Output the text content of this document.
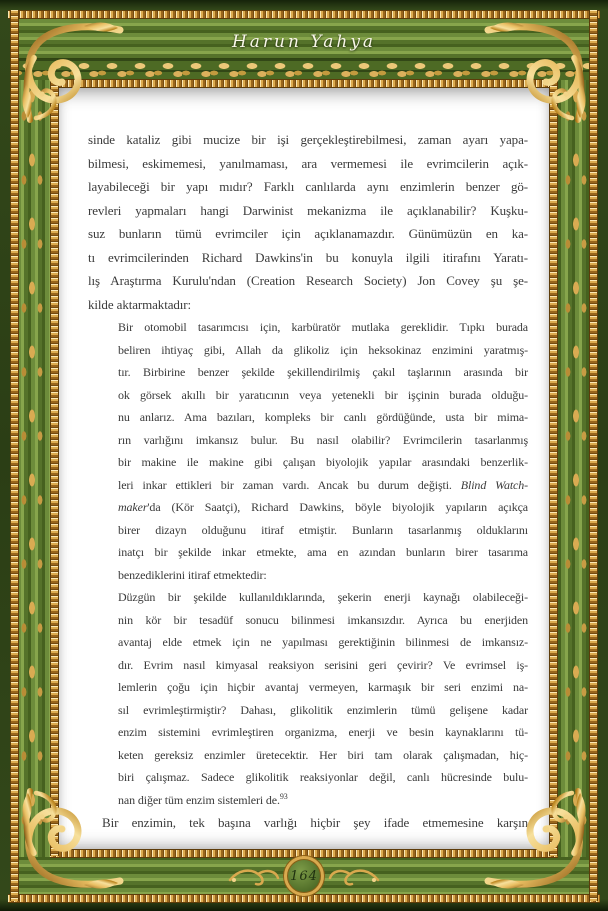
Harun Yahya
sinde kataliz gibi mucize bir işi gerçekleştirebilmesi, zaman ayarı yapa-
bilmesi, eskimemesi, yanılmaması, ara vermemesi ile evrimcilerin açık-
layabileceği bir yapı mıdır? Farklı canlılarda aynı enzimlerin benzer gö-
revleri yapmaları hangi Darwinist mekanizma ile açıklanabilir? Kuşku-
suz bunların tümü evrimciler için açıklanamazdır. Günümüzün en ka-
tı evrimcilerinden Richard Dawkins'in bu konuyla ilgili itirafını Yaratı-
lış Araştırma Kurulu'ndan (Creation Research Society) Jon Covey şu şe-
kilde aktarmaktadır:
Bir otomobil tasarımcısı için, karbüratör mutlaka gereklidir. Tıpkı burada
beliren ihtiyaç gibi, Allah da glikoliz için heksokinaz enzimini yaratmış-
tır. Birbirine benzer şekilde şekillendirilmiş çakıl taşlarının arasında bir
ok görsek akıllı bir yaratıcının veya yetenekli bir işçinin burada olduğu-
nu anlarız. Ama bazıları, kompleks bir canlı gördüğünde, usta bir mima-
rın varlığını imkansız bulur. Bu nasıl olabilir? Evrimcilerin tasarlanmış
bir makine ile makine gibi çalışan biyolojik yapılar arasındaki benzerlik-
leri inkar ettikleri bir zaman vardı. Ancak bu durum değişti. Blind Watch-
maker'da (Kör Saatçi), Richard Dawkins, böyle biyolojik yapıların açıkça
birer dizayn olduğunu itiraf etmiştir. Bunların tasarlanmış olduklarını
inatçı bir şekilde inkar etmekte, ama en azından bunların birer tasarıma
benzediklerini itiraf etmektedir:
Düzgün bir şekilde kullanıldıklarında, şekerin enerji kaynağı olabileceği-
nin kör bir tesadüf sonucu bilinmesi imkansızdır. Ayrıca bu enerjiden
avantaj elde etmek için ne yapılması gerektiğinin bilinmesi de imkansız-
dır. Evrim nasıl kimyasal reaksiyon serisini geri çevirir? Ve evrimsel iş-
lemlerin çoğu için hiçbir avantaj vermeyen, karmaşık bir seri enzimi na-
sıl evrimleştirmiştir? Dahası, glikolitik enzimlerin tümü gelişene kadar
enzim sistemini evrimleştiren organizma, enerji ve besin kaynaklarını tü-
keten gereksiz enzimler üretecektir. Her biri tam olarak çalışmadan, hiç-
biri çalışmaz. Sadece glikolitik reaksiyonlar değil, canlı hücresinde bulu-
nan diğer tüm enzim sistemleri de.$^{93}$
Bir enzimin, tek başına varlığı hiçbir şey ifade etmemesine karşın
164
